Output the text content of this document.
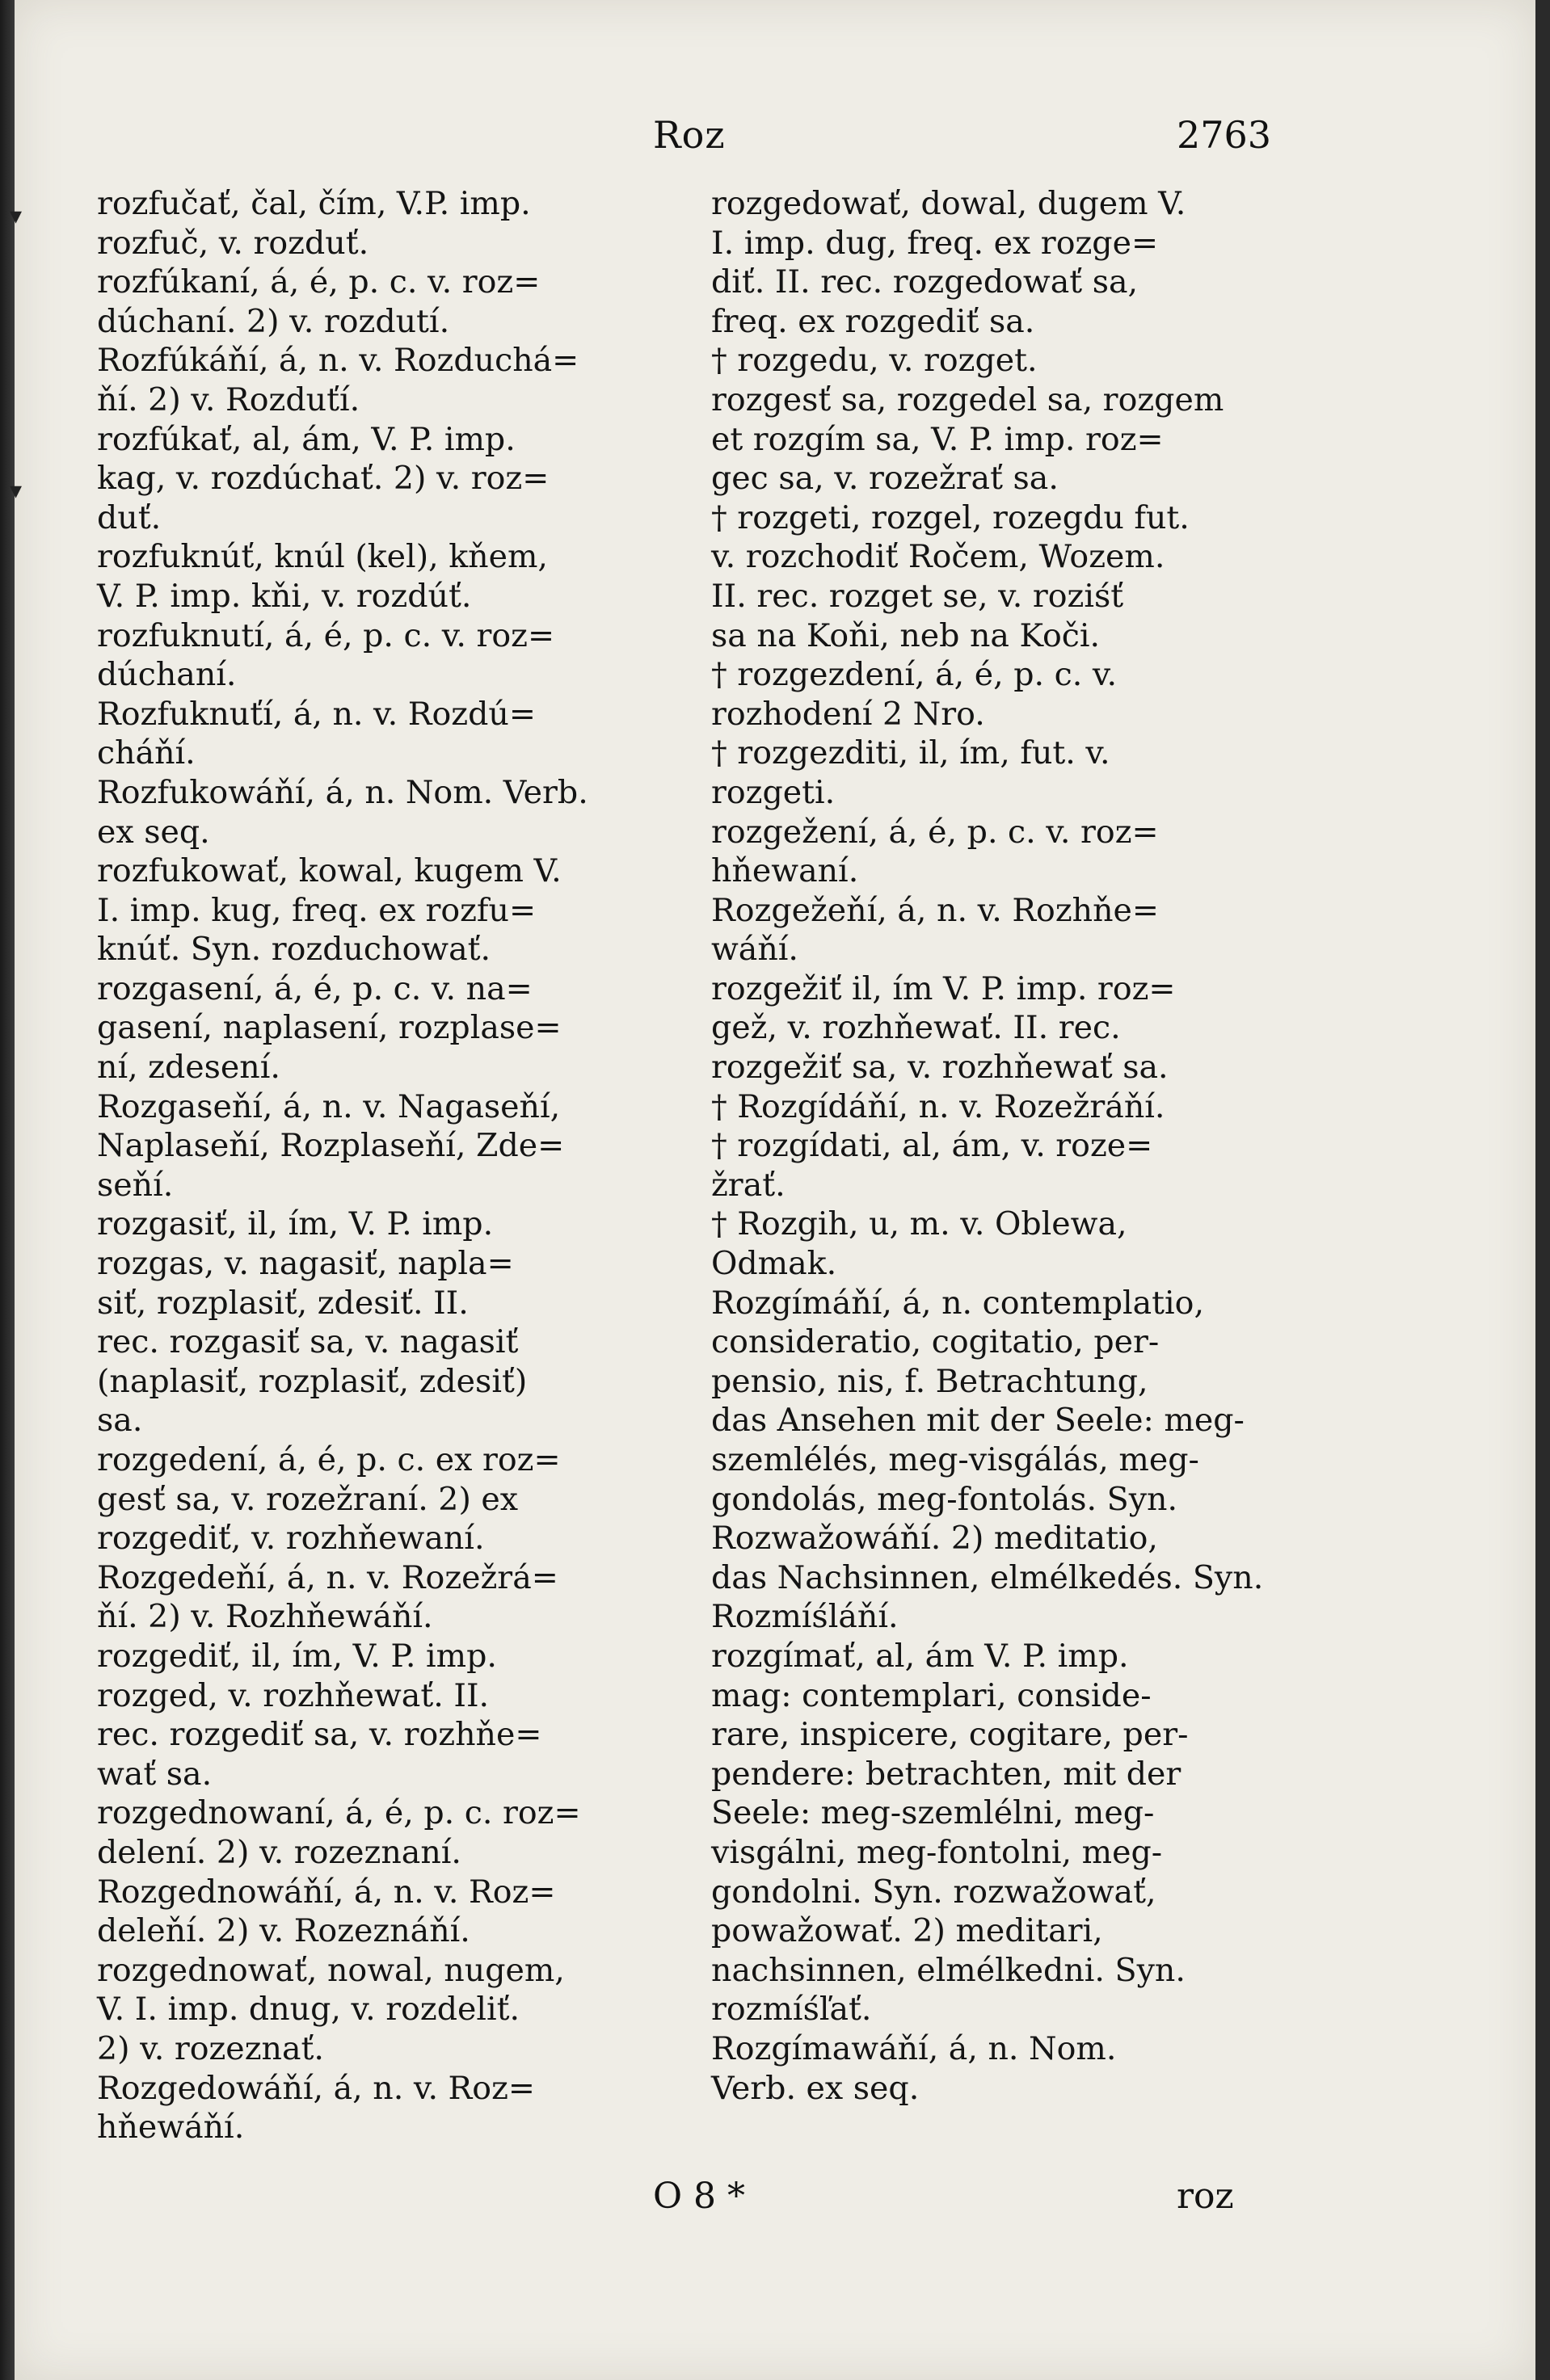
Roz	2763
▾
▾
rozfučať, čal, čím, V.P. imp.
rozfuč, v. rozduť.
rozfúkaní, á, é, p. c. v. roz=
dúchaní. 2) v. rozdutí.
Rozfúkáňí, á, n. v. Rozduchá=
ňí. 2) v. Rozduťí.
rozfúkať, al, ám, V. P. imp.
kag, v. rozdúchať. 2) v. roz=
duť.
rozfuknúť, knúl (kel), kňem,
V. P. imp. kňi, v. rozdúť.
rozfuknutí, á, é, p. c. v. roz=
dúchaní.
Rozfuknuťí, á, n. v. Rozdú=
cháňí.
Rozfukowáňí, á, n. Nom. Verb.
ex seq.
rozfukowať, kowal, kugem V.
I. imp. kug, freq. ex rozfu=
knúť. Syn. rozduchowať.
rozgasení, á, é, p. c. v. na=
gasení, naplasení, rozplase=
ní, zdesení.
Rozgaseňí, á, n. v. Nagaseňí,
Naplaseňí, Rozplaseňí, Zde=
seňí.
rozgasiť, il, ím, V. P. imp.
rozgas, v. nagasiť, napla=
siť, rozplasiť, zdesiť. II.
rec. rozgasiť sa, v. nagasiť
(naplasiť, rozplasiť, zdesiť)
sa.
rozgedení, á, é, p. c. ex roz=
gesť sa, v. rozežraní. 2) ex
rozgediť, v. rozhňewaní.
Rozgedeňí, á, n. v. Rozežrá=
ňí. 2) v. Rozhňewáňí.
rozgediť, il, ím, V. P. imp.
rozged, v. rozhňewať. II.
rec. rozgediť sa, v. rozhňe=
wať sa.
rozgednowaní, á, é, p. c. roz=
delení. 2) v. rozeznaní.
Rozgednowáňí, á, n. v. Roz=
deleňí. 2) v. Rozeznáňí.
rozgednowať, nowal, nugem,
V. I. imp. dnug, v. rozdeliť.
2) v. rozeznať.
Rozgedowáňí, á, n. v. Roz=
hňewáňí.
rozgedowať, dowal, dugem V.
I. imp. dug, freq. ex rozge=
diť. II. rec. rozgedowať sa,
freq. ex rozgediť sa.
† rozgedu, v. rozget.
rozgesť sa, rozgedel sa, rozgem
et rozgím sa, V. P. imp. roz=
gec sa, v. rozežrať sa.
† rozgeti, rozgel, rozegdu fut.
v. rozchodiť Ročem, Wozem.
II. rec. rozget se, v. roziśť
sa na Koňi, neb na Koči.
† rozgezdení, á, é, p. c. v.
rozhodení 2 Nro.
† rozgezditi, il, ím, fut. v.
rozgeti.
rozgežení, á, é, p. c. v. roz=
hňewaní.
Rozgežeňí, á, n. v. Rozhňe=
wáňí.
rozgežiť il, ím V. P. imp. roz=
gež, v. rozhňewať. II. rec.
rozgežiť sa, v. rozhňewať sa.
† Rozgídáňí, n. v. Rozežráňí.
† rozgídati, al, ám, v. roze=
žrať.
† Rozgih, u, m. v. Oblewa,
Odmak.
Rozgímáňí, á, n. contemplatio,
consideratio, cogitatio, per-
pensio, nis, f. Betrachtung,
das Ansehen mit der Seele: meg-
szemlélés, meg-visgálás, meg-
gondolás, meg-fontolás. Syn.
Rozwažowáňí. 2) meditatio,
das Nachsinnen, elmélkedés. Syn.
Rozmíśláňí.
rozgímať, al, ám V. P. imp.
mag: contemplari, conside-
rare, inspicere, cogitare, per-
pendere: betrachten, mit der
Seele: meg-szemlélni, meg-
visgálni, meg-fontolni, meg-
gondolni. Syn. rozwažowať,
powažowať. 2) meditari,
nachsinnen, elmélkedni. Syn.
rozmíśľať.
Rozgímawáňí, á, n. Nom.
Verb. ex seq.
O 8 *	roz
